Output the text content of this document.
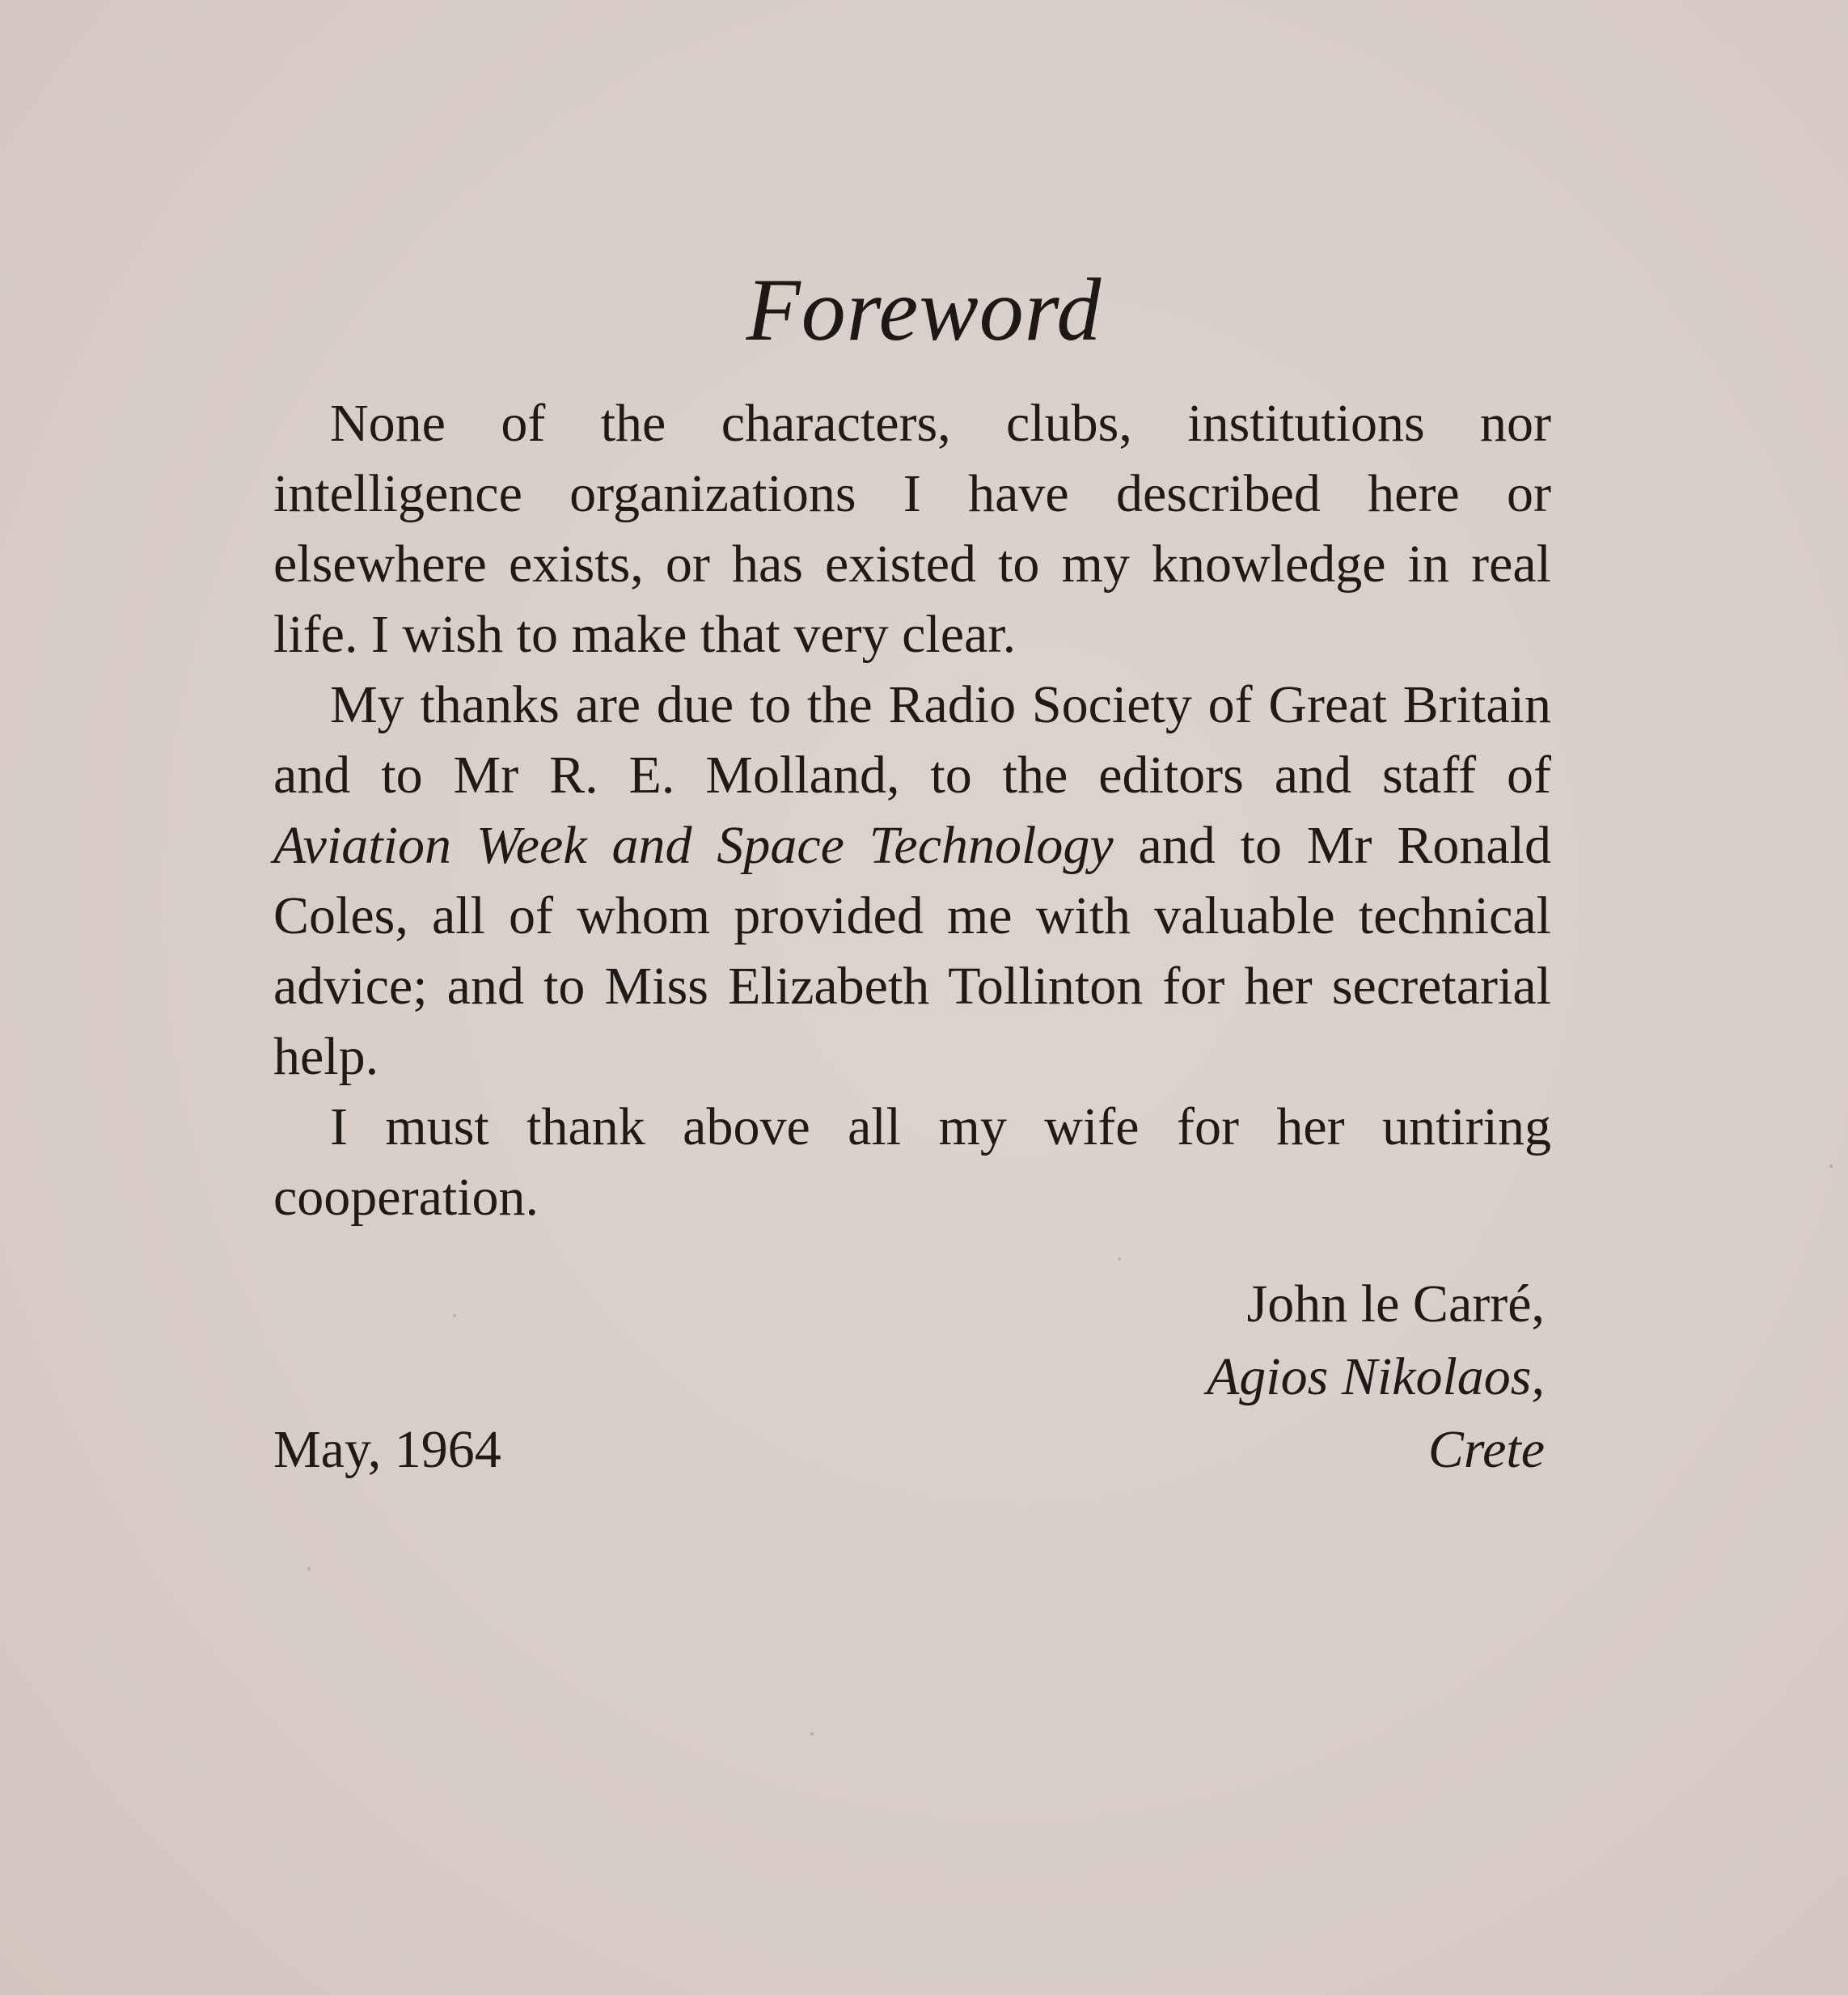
Foreword

None of the characters, clubs, institutions nor intelligence organizations I have described here or elsewhere exists, or has existed to my knowledge in real life. I wish to make that very clear.

My thanks are due to the Radio Society of Great Britain and to Mr R. E. Molland, to the editors and staff of Aviation Week and Space Technology and to Mr Ronald Coles, all of whom provided me with valuable technical advice; and to Miss Elizabeth Tollinton for her secretarial help.

I must thank above all my wife for her untiring cooperation.

John le Carré,
Agios Nikolaos,
Crete
May, 1964
